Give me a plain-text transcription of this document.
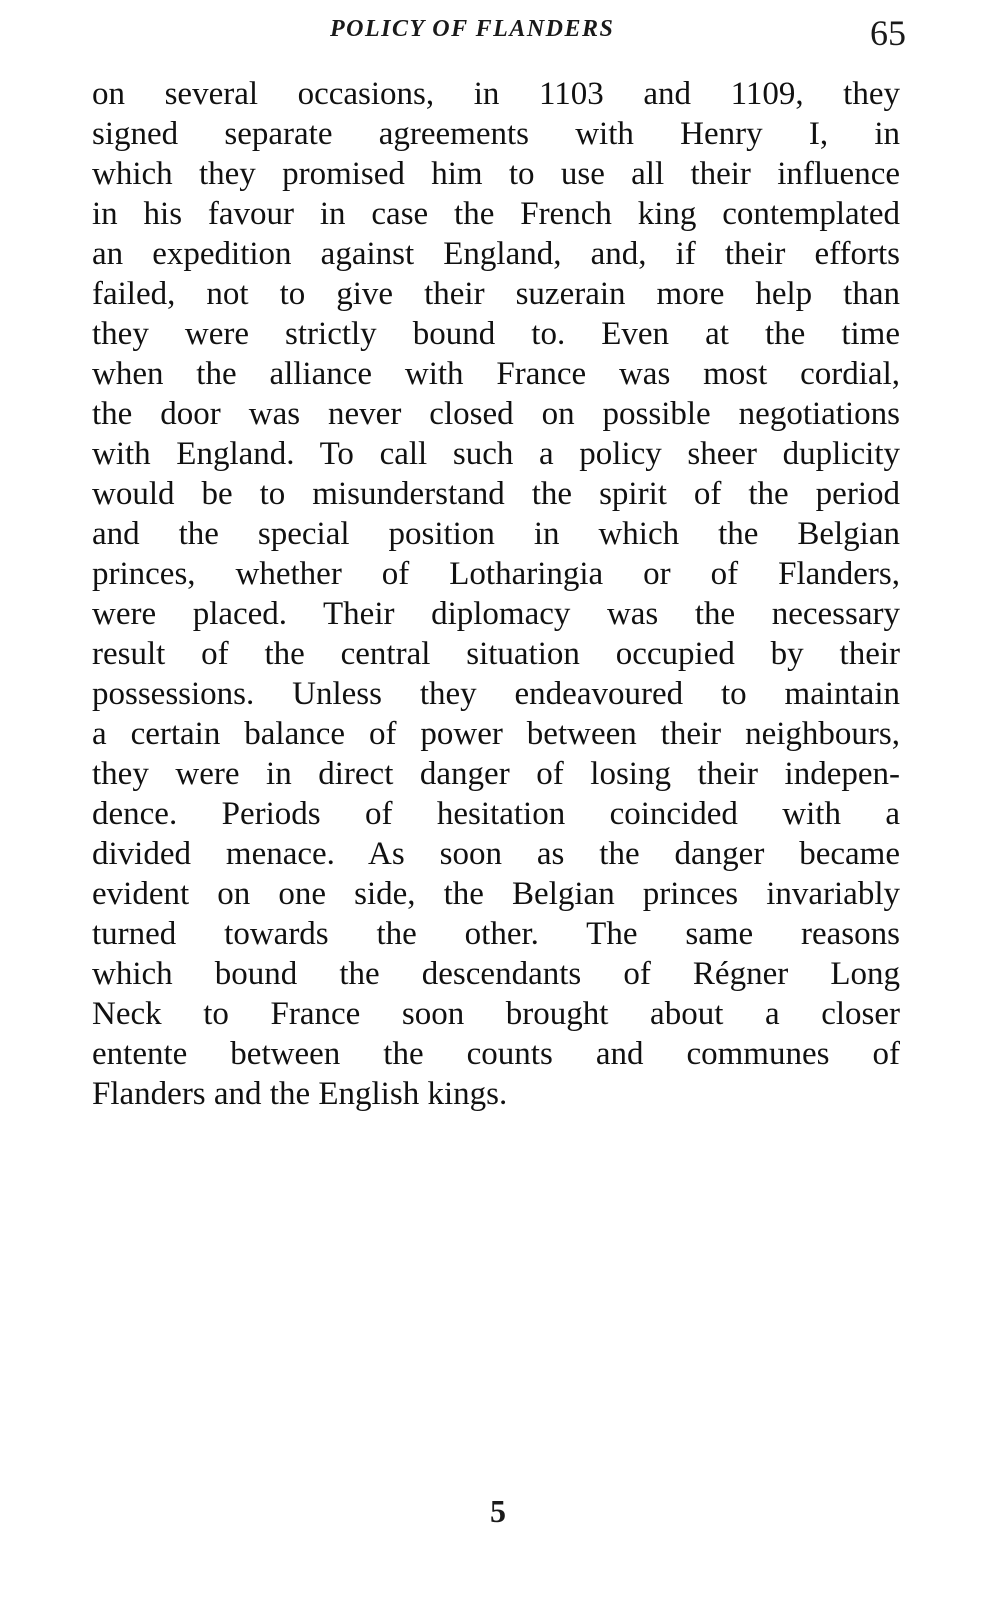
POLICY OF FLANDERS	65
on several occasions, in 1103 and 1109, they
signed separate agreements with Henry I, in
which they promised him to use all their influence
in his favour in case the French king contemplated
an expedition against England, and, if their efforts
failed, not to give their suzerain more help than
they were strictly bound to. Even at the time
when the alliance with France was most cordial,
the door was never closed on possible negotiations
with England. To call such a policy sheer duplicity
would be to misunderstand the spirit of the period
and the special position in which the Belgian
princes, whether of Lotharingia or of Flanders,
were placed. Their diplomacy was the necessary
result of the central situation occupied by their
possessions. Unless they endeavoured to maintain
a certain balance of power between their neighbours,
they were in direct danger of losing their indepen-
dence. Periods of hesitation coincided with a
divided menace. As soon as the danger became
evident on one side, the Belgian princes invariably
turned towards the other. The same reasons
which bound the descendants of Régner Long
Neck to France soon brought about a closer
entente between the counts and communes of
Flanders and the English kings.
5
